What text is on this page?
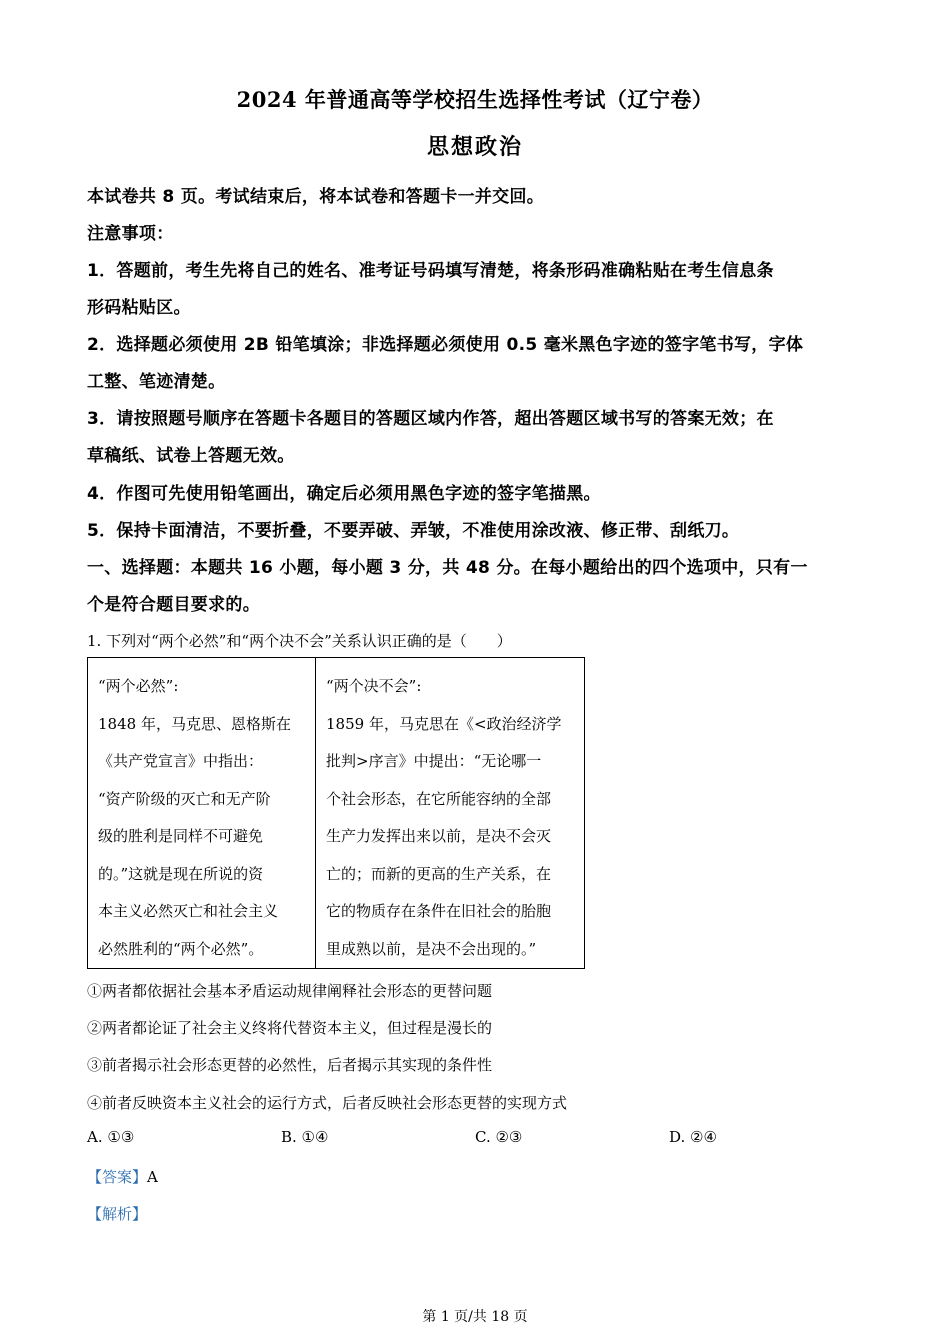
2024 年普通高等学校招生选择性考试（辽宁卷）
思想政治
本试卷共 8 页。考试结束后，将本试卷和答题卡一并交回。
注意事项：
1．答题前，考生先将自己的姓名、准考证号码填写清楚，将条形码准确粘贴在考生信息条
形码粘贴区。
2．选择题必须使用 2B 铅笔填涂；非选择题必须使用 0.5 毫米黑色字迹的签字笔书写，字体
工整、笔迹清楚。
3．请按照题号顺序在答题卡各题目的答题区域内作答，超出答题区域书写的答案无效；在
草稿纸、试卷上答题无效。
4．作图可先使用铅笔画出，确定后必须用黑色字迹的签字笔描黑。
5．保持卡面清洁，不要折叠，不要弄破、弄皱，不准使用涂改液、修正带、刮纸刀。
一、选择题：本题共 16 小题，每小题 3 分，共 48 分。在每小题给出的四个选项中，只有一
个是符合题目要求的。
1. 下列对“两个必然”和“两个决不会”关系认识正确的是（　　）
“两个必然”:
1848 年，马克思、恩格斯在
《共产党宣言》中指出：
“资产阶级的灭亡和无产阶
级的胜利是同样不可避免
的。”这就是现在所说的资
本主义必然灭亡和社会主义
必然胜利的“两个必然”。
“两个决不会”:
1859 年，马克思在《<政治经济学
批判>序言》中提出：“无论哪一
个社会形态，在它所能容纳的全部
生产力发挥出来以前，是决不会灭
亡的；而新的更高的生产关系，在
它的物质存在条件在旧社会的胎胞
里成熟以前，是决不会出现的。”
①两者都依据社会基本矛盾运动规律阐释社会形态的更替问题
②两者都论证了社会主义终将代替资本主义，但过程是漫长的
③前者揭示社会形态更替的必然性，后者揭示其实现的条件性
④前者反映资本主义社会的运行方式，后者反映社会形态更替的实现方式
A. ①③	B. ①④	C. ②③	D. ②④
【答案】A
【解析】
第 1 页/共 18 页
